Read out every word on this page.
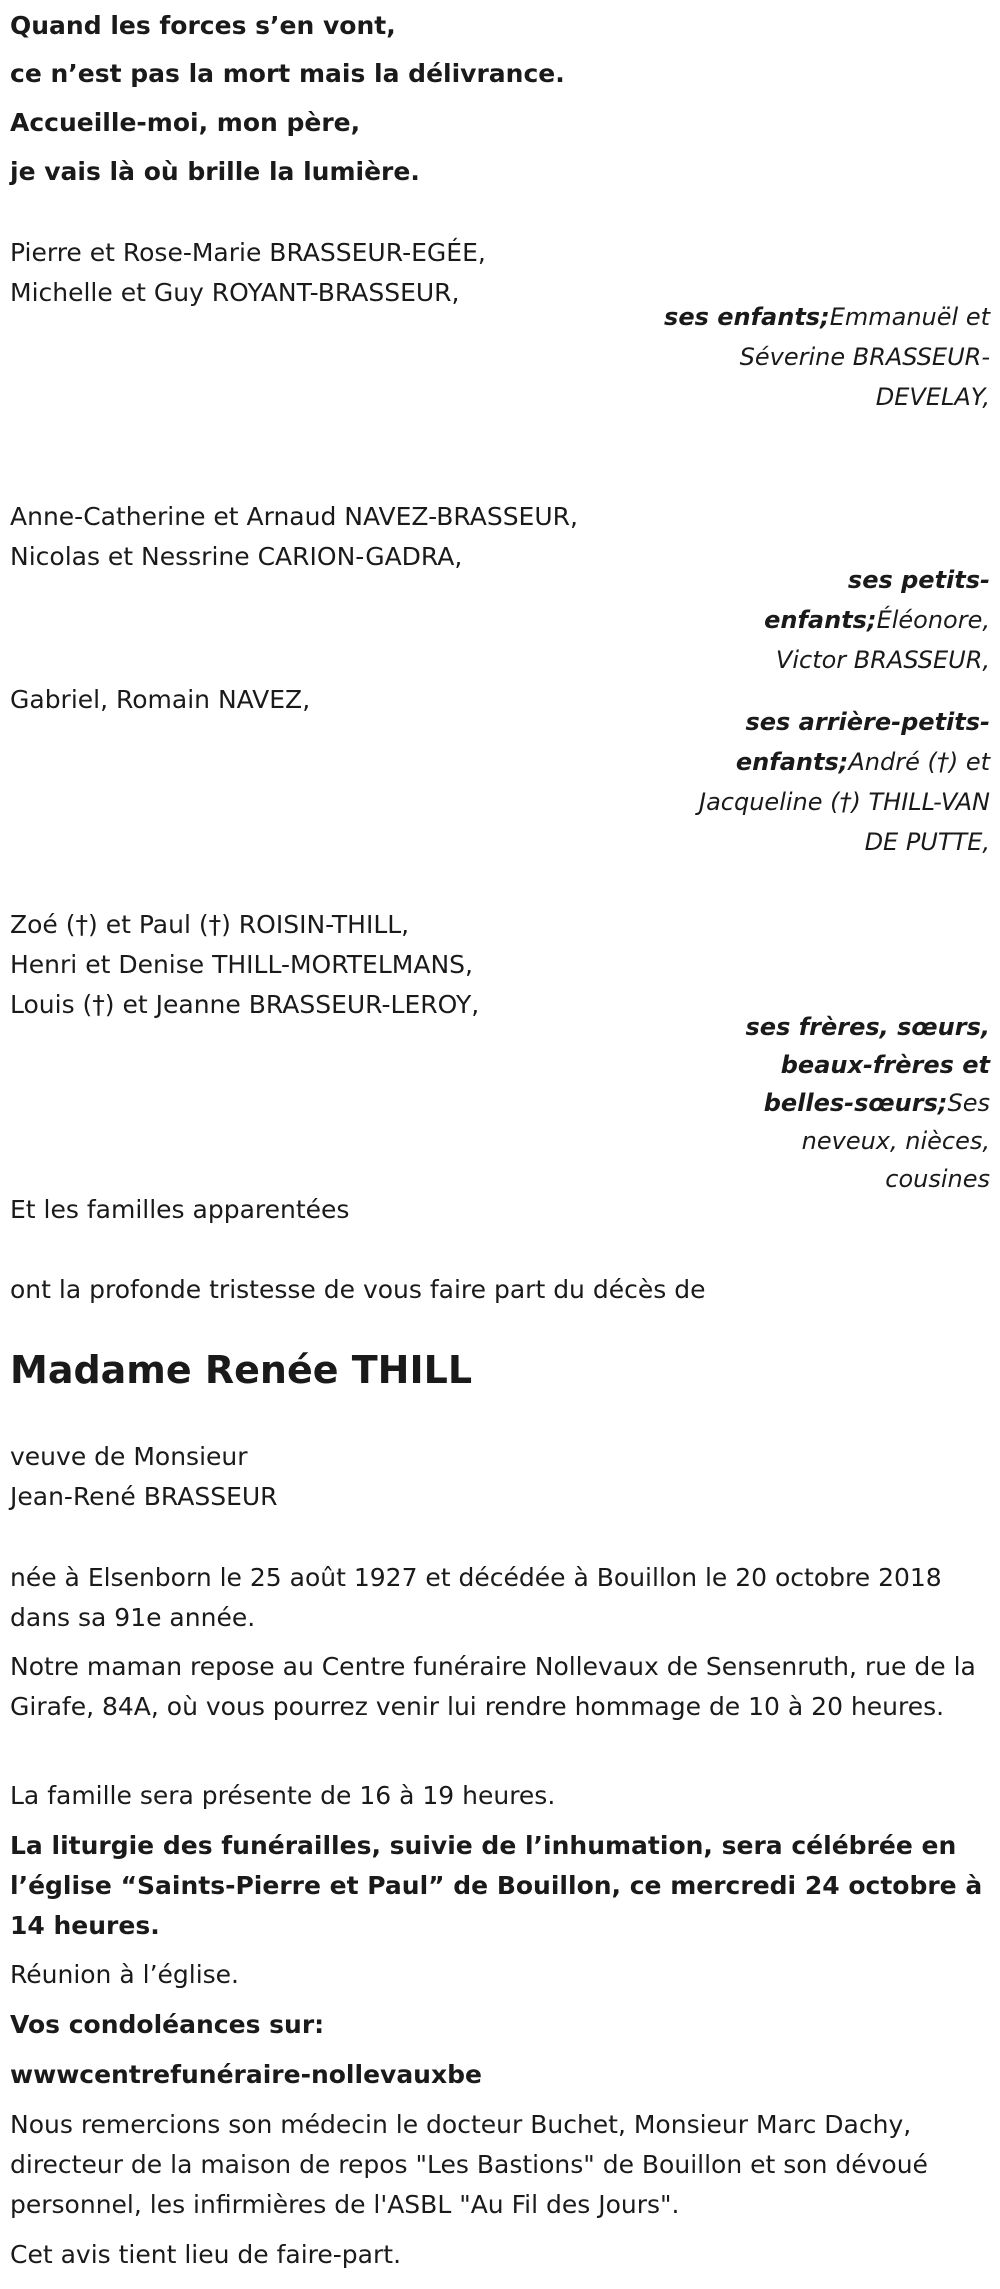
Quand les forces s’en vont,
ce n’est pas la mort mais la délivrance.
Accueille-moi, mon père,
je vais là où brille la lumière.
Pierre et Rose-Marie BRASSEUR-EGÉE,
Michelle et Guy ROYANT-BRASSEUR,
ses enfants;Emmanuël et Séverine BRASSEUR-DEVELAY,
Anne-Catherine et Arnaud NAVEZ-BRASSEUR,
Nicolas et Nessrine CARION-GADRA,
ses petits-enfants;Éléonore, Victor BRASSEUR,
Gabriel, Romain NAVEZ,
ses arrière-petits-enfants;André (†) et Jacqueline (†) THILL-VAN DE PUTTE,
Zoé (†) et Paul (†) ROISIN-THILL,
Henri et Denise THILL-MORTELMANS,
Louis (†) et Jeanne BRASSEUR-LEROY,
ses frères, sœurs, beaux-frères et belles-sœurs;Ses neveux, nièces, cousines
Et les familles apparentées
ont la profonde tristesse de vous faire part du décès de
Madame Renée THILL
veuve de Monsieur
Jean-René BRASSEUR
née à Elsenborn le 25 août 1927 et décédée à Bouillon le 20 octobre 2018 dans sa 91e année.
Notre maman repose au Centre funéraire Nollevaux de Sensenruth, rue de la Girafe, 84A, où vous pourrez venir lui rendre hommage de 10 à 20 heures.
La famille sera présente de 16 à 19 heures.
La liturgie des funérailles, suivie de l’inhumation, sera célébrée en l’église “Saints-Pierre et Paul” de Bouillon, ce mercredi 24 octobre à 14 heures.
Réunion à l’église.
Vos condoléances sur:
wwwcentrefunéraire-nollevauxbe
Nous remercions son médecin le docteur Buchet, Monsieur Marc Dachy, directeur de la maison de repos "Les Bastions" de Bouillon et son dévoué personnel, les infirmières de l'ASBL "Au Fil des Jours".
Cet avis tient lieu de faire-part.
